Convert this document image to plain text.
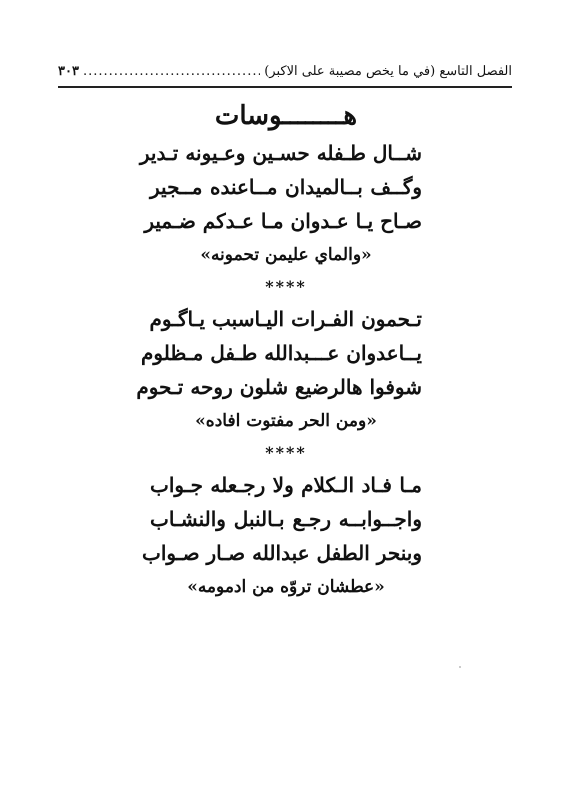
الفصل التاسع (في ما يخص مصيبة على الاكبر)
.....
٣٠٣
هــــــــوسات
شــال طـفله حسـين وعـيونه تـدير
وگــف بــالميدان مــاعنده مــجير
صـاح يـا عـدوان مـا عـدكم ضـمير
«والماي عليمن تحمونه»
****
تـحمون الفـرات اليـاسبب يـاگـوم
يــاعدوان عـــبدالله طـفل مـظلوم
شوفوا هالرضيع شلون روحه تـحوم
«ومن الحر مفتوت افاده»
****
مـا فـاد الـكلام ولا رجـعله جـواب
واجــوابــه رجـع بـالنبل والنشـاب
وبنحر الطفل عبدالله صـار صـواب
«عطشان تروّه من ادمومه»
